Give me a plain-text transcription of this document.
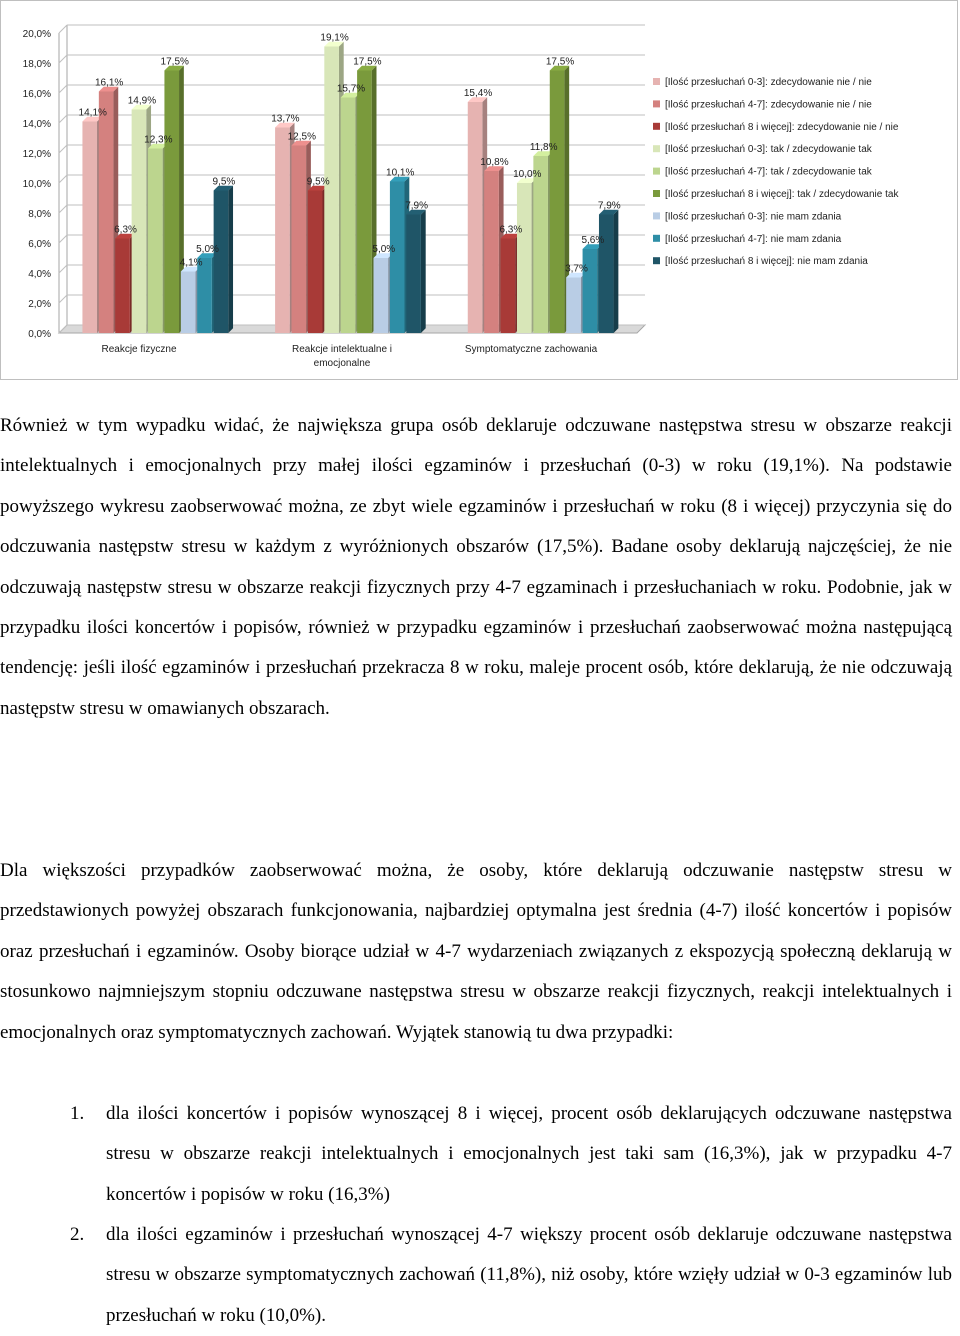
0,0%
2,0%
4,0%
6,0%
8,0%
10,0%
12,0%
14,0%
16,0%
18,0%
20,0%
14,1%
16,1%
6,3%
14,9%
12,3%
17,5%
4,1%
5,0%
9,5%
13,7%
12,5%
9,5%
19,1%
15,7%
17,5%
5,0%
10,1%
7,9%
15,4%
10,8%
6,3%
10,0%
11,8%
17,5%
3,7%
5,6%
7,9%
Reakcje fizyczne	Reakcje intelektualne i emocjonalne
Symptomatyczne zachowania
[Ilość przesłuchań 0-3]: zdecydowanie nie / nie
[Ilość przesłuchań 4-7]: zdecydowanie nie / nie
[Ilość przesłuchań 8 i więcej]: zdecydowanie nie / nie
[Ilość przesłuchań 0-3]: tak / zdecydowanie tak
[Ilość przesłuchań 4-7]: tak / zdecydowanie tak
[Ilość przesłuchań 8 i więcej]: tak / zdecydowanie tak
[Ilość przesłuchań 0-3]: nie mam zdania
[Ilość przesłuchań 4-7]: nie mam zdania
[Ilość przesłuchań 8 i więcej]: nie mam zdania

Również w tym wypadku widać, że największa grupa osób deklaruje odczuwane następstwa stresu w obszarze reakcji intelektualnych i emocjonalnych przy małej ilości egzaminów i przesłuchań (0-3) w roku (19,1%). Na podstawie powyższego wykresu zaobserwować można, ze zbyt wiele egzaminów i przesłuchań w roku (8 i więcej) przyczynia się do odczuwania następstw stresu w każdym z wyróżnionych obszarów (17,5%). Badane osoby deklarują najczęściej, że nie odczuwają następstw stresu w obszarze reakcji fizycznych przy 4-7 egzaminach i przesłuchaniach w roku. Podobnie, jak w przypadku ilości koncertów i popisów, również w przypadku egzaminów i przesłuchań zaobserwować można następującą tendencję: jeśli ilość egzaminów i przesłuchań przekracza 8 w roku, maleje procent osób, które deklarują, że nie odczuwają następstw stresu w omawianych obszarach.

Dla większości przypadków zaobserwować można, że osoby, które deklarują odczuwanie następstw stresu w przedstawionych powyżej obszarach funkcjonowania, najbardziej optymalna jest średnia (4-7) ilość koncertów i popisów oraz przesłuchań i egzaminów. Osoby biorące udział w 4-7 wydarzeniach związanych z ekspozycją społeczną deklarują w stosunkowo najmniejszym stopniu odczuwane następstwa stresu w obszarze reakcji fizycznych, reakcji intelektualnych i emocjonalnych oraz symptomatycznych zachowań. Wyjątek stanowią tu dwa przypadki:

1. dla ilości koncertów i popisów wynoszącej 8 i więcej, procent osób deklarujących odczuwane następstwa stresu w obszarze reakcji intelektualnych i emocjonalnych jest taki sam (16,3%), jak w przypadku 4-7 koncertów i popisów w roku (16,3%)
2. dla ilości egzaminów i przesłuchań wynoszącej 4-7 większy procent osób deklaruje odczuwane następstwa stresu w obszarze symptomatycznych zachowań (11,8%), niż osoby, które wzięły udział w 0-3 egzaminów lub przesłuchań w roku (10,0%).
